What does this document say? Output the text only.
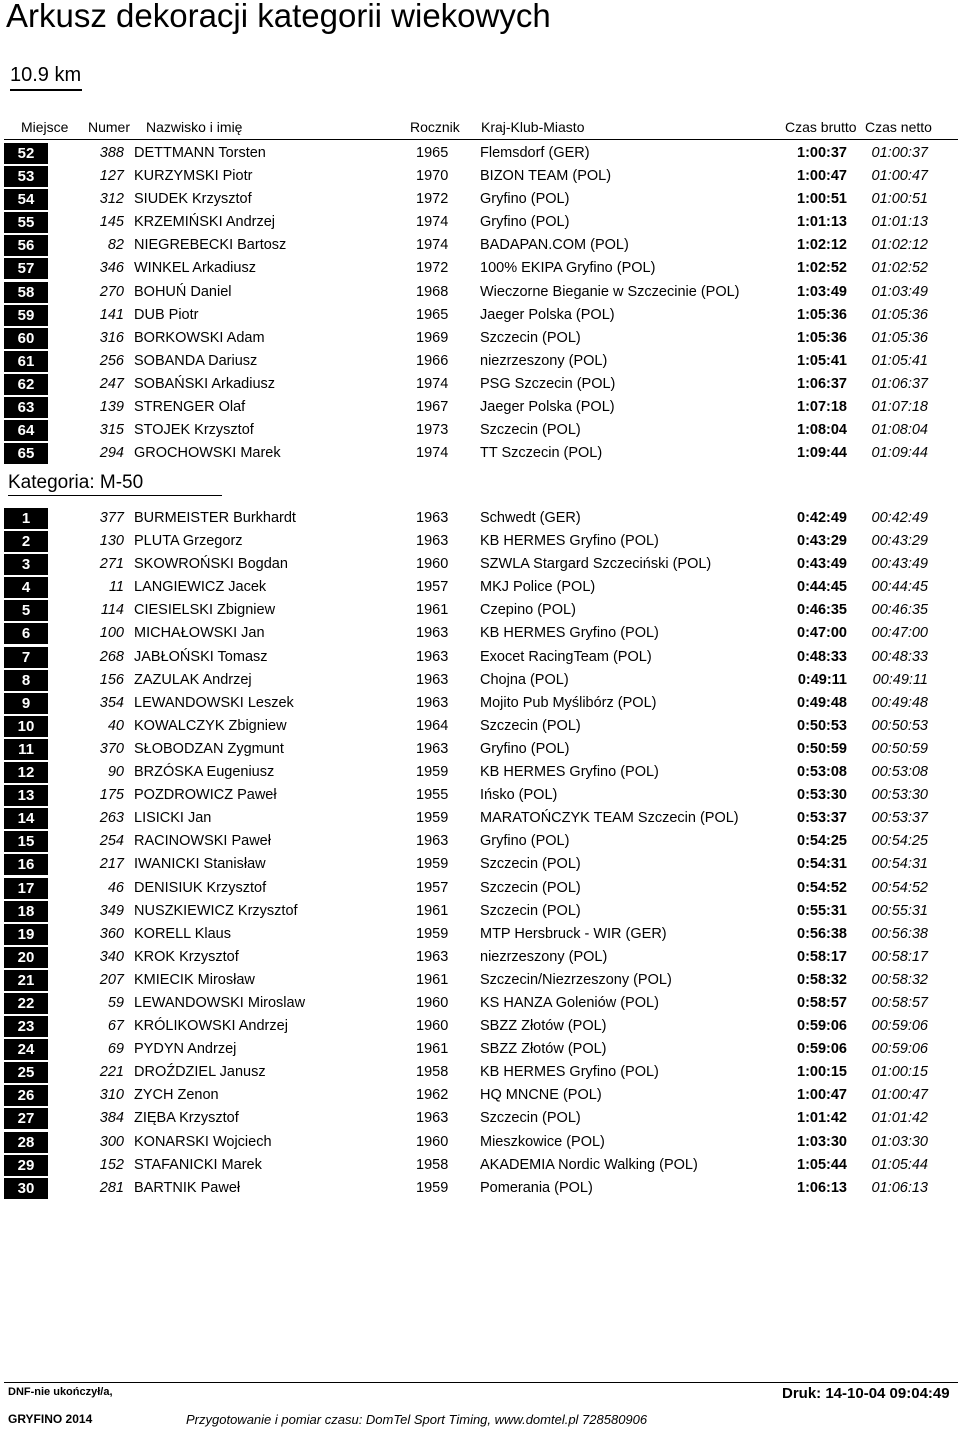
Arkusz dekoracji kategorii wiekowych
10.9 km
Miejsce Numer Nazwisko i imię	Rocznik Kraj-Klub-Miasto	Czas brutto Czas netto
52	388 DETTMANN Torsten	1965 Flemsdorf (GER)	1:00:37	01:00:37
53	127 KURZYMSKI Piotr	1970 BIZON TEAM (POL)	1:00:47	01:00:47
54	312 SIUDEK Krzysztof	1972 Gryfino (POL)	1:00:51	01:00:51
55	145 KRZEMIŃSKI Andrzej	1974 Gryfino (POL)	1:01:13	01:01:13
56	82 NIEGREBECKI Bartosz	1974 BADAPAN.COM (POL)	1:02:12	01:02:12
57	346 WINKEL Arkadiusz	1972 100% EKIPA Gryfino (POL)	1:02:52	01:02:52
58	270 BOHUŃ Daniel	1968 Wieczorne Bieganie w Szczecinie (POL)	1:03:49	01:03:49
59	141 DUB Piotr	1965 Jaeger Polska (POL)	1:05:36	01:05:36
60	316 BORKOWSKI Adam	1969 Szczecin (POL)	1:05:36	01:05:36
61	256 SOBANDA Dariusz	1966 niezrzeszony (POL)	1:05:41	01:05:41
62	247 SOBAŃSKI Arkadiusz	1974 PSG Szczecin (POL)	1:06:37	01:06:37
63	139 STRENGER Olaf	1967 Jaeger Polska (POL)	1:07:18	01:07:18
64	315 STOJEK Krzysztof	1973 Szczecin (POL)	1:08:04	01:08:04
65	294 GROCHOWSKI Marek	1974 TT Szczecin (POL)	1:09:44	01:09:44
Kategoria: M-50
1	377 BURMEISTER Burkhardt	1963 Schwedt (GER)	0:42:49	00:42:49
2	130 PLUTA Grzegorz	1963 KB HERMES Gryfino (POL)	0:43:29	00:43:29
3	271 SKOWROŃSKI Bogdan	1960 SZWLA Stargard Szczeciński (POL)	0:43:49	00:43:49
4	11 LANGIEWICZ Jacek	1957 MKJ Police (POL)	0:44:45	00:44:45
5	114 CIESIELSKI Zbigniew	1961 Czepino (POL)	0:46:35	00:46:35
6	100 MICHAŁOWSKI Jan	1963 KB HERMES Gryfino (POL)	0:47:00	00:47:00
7	268 JABŁOŃSKI Tomasz	1963 Exocet RacingTeam (POL)	0:48:33	00:48:33
8	156 ZAZULAK Andrzej	1963 Chojna (POL)	0:49:11	00:49:11
9	354 LEWANDOWSKI Leszek	1963 Mojito Pub Myślibórz (POL)	0:49:48	00:49:48
10	40 KOWALCZYK Zbigniew	1964 Szczecin (POL)	0:50:53	00:50:53
11	370 SŁOBODZAN Zygmunt	1963 Gryfino (POL)	0:50:59	00:50:59
12	90 BRZÓSKA Eugeniusz	1959 KB HERMES Gryfino (POL)	0:53:08	00:53:08
13	175 POZDROWICZ Paweł	1955 Ińsko (POL)	0:53:30	00:53:30
14	263 LISICKI Jan	1959 MARATOŃCZYK TEAM Szczecin (POL)	0:53:37	00:53:37
15	254 RACINOWSKI Paweł	1963 Gryfino (POL)	0:54:25	00:54:25
16	217 IWANICKI Stanisław	1959 Szczecin (POL)	0:54:31	00:54:31
17	46 DENISIUK Krzysztof	1957 Szczecin (POL)	0:54:52	00:54:52
18	349 NUSZKIEWICZ Krzysztof	1961 Szczecin (POL)	0:55:31	00:55:31
19	360 KORELL Klaus	1959 MTP Hersbruck - WIR (GER)	0:56:38	00:56:38
20	340 KROK Krzysztof	1963 niezrzeszony (POL)	0:58:17	00:58:17
21	207 KMIECIK Mirosław	1961 Szczecin/Niezrzeszony (POL)	0:58:32	00:58:32
22	59 LEWANDOWSKI Miroslaw	1960 KS HANZA Goleniów (POL)	0:58:57	00:58:57
23	67 KRÓLIKOWSKI Andrzej	1960 SBZZ Złotów (POL)	0:59:06	00:59:06
24	69 PYDYN Andrzej	1961 SBZZ Złotów (POL)	0:59:06	00:59:06
25	221 DROŹDZIEL Janusz	1958 KB HERMES Gryfino (POL)	1:00:15	01:00:15
26	310 ZYCH Zenon	1962 HQ MNCNE (POL)	1:00:47	01:00:47
27	384 ZIĘBA Krzysztof	1963 Szczecin (POL)	1:01:42	01:01:42
28	300 KONARSKI Wojciech	1960 Mieszkowice (POL)	1:03:30	01:03:30
29	152 STAFANICKI Marek	1958 AKADEMIA Nordic Walking (POL)	1:05:44	01:05:44
30	281 BARTNIK Paweł	1959 Pomerania (POL)	1:06:13	01:06:13
DNF-nie ukończył/a,	Druk: 14-10-04 09:04:49
GRYFINO 2014	Przygotowanie i pomiar czasu: DomTel Sport Timing, www.domtel.pl 728580906
